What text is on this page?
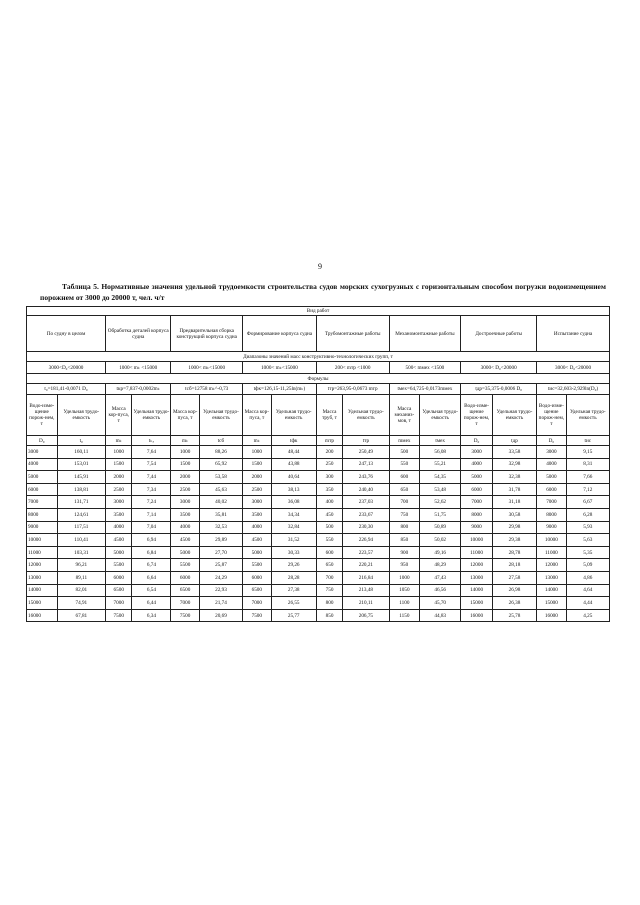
9
Таблица 5. Нормативные значения удельной трудоемкости строительства судов морских сухогрузных с горизонтальным способом погрузки водоизмещением порожнем от 3000 до 20000 т, чел. ч/т
Вид работ															
По судну в целом		Обработка деталей корпуса судна		Предварительная сборка конструкций корпуса судна		Формирование корпуса судна		Трубомонтажные работы		Механомонтажные работы		Достроечные работы		Испытание судна	
Диапазоны значений масс конструктивно-технологических групп, т															
3000<D₀<20000		1000< mₖ <15000		1000< mₖ<15000		1000< mₖ<15000		200< mтр <1000		500< mмех <1500		3000< D₀<20000		3000< D₀<20000	
Формулы															
t₀=181,41-0,0071 D₀		tкр=7,837-0,0002mₖ		tсб=12758 mₖ^-0,73		tфк=126,15-11,25ln(mₖ)		tтр=263,95-0,0673 mтр		tмех=64,725-0,0173mмех		tдр=35,375-0,0006 D₀		tис=32,603-2,929ln(D₀)	
Водо-изме-щение порож-нем, т	Удельная трудо-емкость	Масса кор-пуса, т	Удельная трудо-емкость	Масса кор-пуса, т	Удельная трудо-емкость	Масса кор-пуса, т	Удельная трудо-емкость	Масса труб, т	Удельная трудо-емкость	Масса механиз-мов, т	Удельная трудо-емкость	Водо-изме-щение порож-нем, т	Удельная трудо-емкость	Водо-изме-щение порож-нем, т	Удельная трудо-емкость
D₀	t₀	mₖ	tₖₓ	mₖ	tсб	mₖ	tфк	mтр	tтр	mмех	tмех	D₀	tдр	D₀	tис
3000	160,11	1000	7,64	1000	88,26	1000	48,44	200	250,49	500	56,08	3000	33,58	3000	9,15
4000	153,01	1500	7,54	1500	65,92	1500	43,88	250	247,13	550	55,21	4000	32,98	4000	8,31
5000	145,91	2000	7,44	2000	53,58	2000	40,64	300	243,76	600	54,35	5000	32,38	5000	7,66
6000	138,81	2500	7,34	2500	45,63	2500	38,13	350	240,40	650	53,48	6000	31,78	6000	7,12
7000	131,71	3000	7,24	3000	40,02	3000	36,08	400	237,03	700	52,62	7000	31,18	7000	6,67
8000	124,61	3500	7,14	3500	35,81	3500	34,34	450	233,67	750	51,75	8000	30,58	8000	6,28
9000	117,51	4000	7,04	4000	32,53	4000	32,84	500	230,30	800	50,89	9000	29,98	9000	5,93
10000	110,41	4500	6,94	4500	29,89	4500	31,52	550	226,94	850	50,02	10000	29,38	10000	5,63
11000	103,31	5000	6,84	5000	27,70	5000	30,33	600	223,57	900	49,16	11000	28,78	11000	5,35
12000	96,21	5500	6,74	5500	25,87	5500	29,26	650	220,21	950	48,29	12000	28,18	12000	5,09
13000	89,11	6000	6,64	6000	24,29	6000	28,28	700	216,84	1000	47,43	13000	27,58	13000	4,86
14000	82,01	6500	6,54	6500	22,93	6500	27,38	750	213,48	1050	46,56	14000	26,98	14000	4,64
15000	74,91	7000	6,44	7000	21,74	7000	26,55	800	210,11	1100	45,70	15000	26,38	15000	4,44
16000	67,81	7500	6,34	7500	20,69	7500	25,77	850	206,75	1150	44,83	16000	25,78	16000	4,25
